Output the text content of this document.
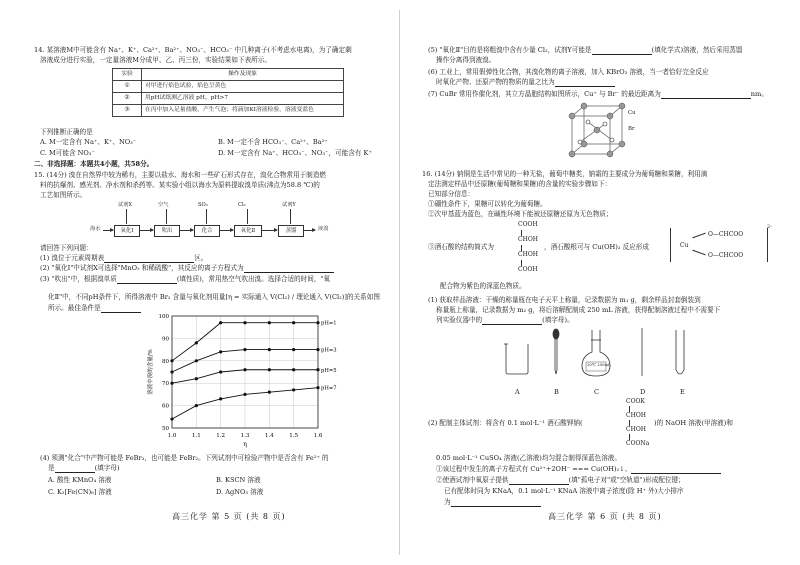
14. 某溶液M中可能含有 Na⁺、K⁺、Ca²⁺、Ba²⁺、NO₃⁻、HCO₃⁻ 中几种离子(不考虑水电离)，为了确定剩
溶液成分进行实验，一定量溶液M分成甲、乙、丙三份，实验结果如下表所示。
实验	操作及现象
①	对甲进行焰色试验，焰色呈黄色
②	用pH试纸测乙溶液 pH，pH>7
③	在丙中加入足量盐酸，产生气泡；将滴加KI溶液检验，溶液变蓝色
下列推断正确的是
A. M一定含有 Na⁺、K⁺、NO₃⁻	B. M一定不含 HCO₃⁻、Ca²⁺、Ba²⁺
C. M可能含 NO₃⁻	D. M一定含有 Na⁺、HCO₃⁻、NO₃⁻，可能含有 K⁺
二、非选择题：本题共4小题，共58分。
15. (14分) 溴在自然界中较为稀有，主要以盐水、海水和一些矿石形式存在，溴化合物常用于制造燃
料的抗爆剂、感光剂、净水剂和杀药等。某实验小组以海水为原料提取溴单质(沸点为58.8 ℃)的
工艺如图所示。
试剂X	空气	SO₂	Cl₂	试剂Y
海水	氧化Ⅰ	吹出	化合	氧化Ⅱ	蒸馏	液溴
请回答下列问题：
(1) 溴位于元素周期表	区。
(2) "氧化Ⅰ"中试剂X可选择"MnO₂ 和稀硫酸"，其反应的离子方程式为
(3) "吹出"中，根据溴单质	(填性质)，常用热空气吹出溴。选择合适的时间，"氧
化Ⅱ"中，不同pH条件下，所得溶液中 Br₂ 含量与氧化剂用量[η = 实际通入 V(Cl₂) / 理论通入 V(Cl₂)]的关系如图
所示。最佳条件是
1.0	1.1	1.2	1.3	1.4	1.5	1.6
50
60
70
80
90
100
η
溶液中溴的含量/%
pH=1
pH=3
pH=5
pH=7
(4) 须测"化合"中产物可能是 FeBr₃，也可能是 FeBr₂。下列试剂中可检验产物中是否含有 Fe²⁺ 的
是	(填字母)
A. 酸性 KMnO₄ 溶液	B. KSCN 溶液
C. K₃[Fe(CN)₆] 溶液	D. AgNO₃ 溶液
高三化学 第 5 页 (共 8 页)
(5) "氧化Ⅱ"目的是将粗溴中含有少量 Cl₂，试剂Y可能是	(填化学式)溶液，然后采用蒸馏
操作分离得到液溴。
(6) 工业上，常用假弹性化合物，其溴化物的离子溶液，加入 KBrO₃ 溶液，当一者恰好完全反应
时氧化产物、还原产物的物质的量之比为
(7) CuBr 常用作催化剂，其立方晶胞结构如图所示，Cu⁺ 与 Br⁻ 的最近距离为	nm。
Cu
Br
16. (14分) 钠铜是生活中常见的一种无盐，葡萄中糖类，钠霜的主要成分为葡萄糖和果糖，利用滴
定法测定样品中还原糖(葡萄糖和果糖)的含量的实验步骤如下：
已知部分信息：
①硼性条件下，果糖可以转化为葡萄糖。
②次甲基蓝为蓝色，在碱性环境下能被还原糖还原为无色物质；
COOH
CHOH
CHOH
COOH
③酒石酸的结构简式为	，酒石酸根可与 Cu(OH)₂ 反应形成	Cu
O—CHCOO
O—CHCOO
2-
配合物为紫色的深蓝色物质。
(1) 获取样品溶液：干燥的称量瓶在电子天平上称量，记录数据为 m₁ g，剩余样品封套倒装到
称量瓶上称量，记录数据为 m₂ g，将后溶解配制成 250 mL 溶液，获得配制溶液过程中不需要下
列实验仪器中的	(填字母)。
20℃ 250mL
A	B	C	D	E
COOK
CHOH
CHOH
COONa
(2) 配制主体试剂：将含有 0.1 mol·L⁻¹ 酒石酸钾钠(	)的 NaOH 溶液(甲溶液)和
0.05 mol·L⁻¹ CuSO₄ 溶液(乙溶液)均匀混合制得深蓝色溶液。
①该过程中发生的离子方程式有 Cu²⁺+2OH⁻ === Cu(OH)₂↓、
②使酒试剂中氧原子提供	(填"孤电子对"或"空轨道")形成配位键；
已有配体时同为 KNaA，0.1 mol·L⁻¹ KNaA 溶液中离子浓度(除 H⁺ 外)大小排序
为
高三化学 第 6 页 (共 8 页)
